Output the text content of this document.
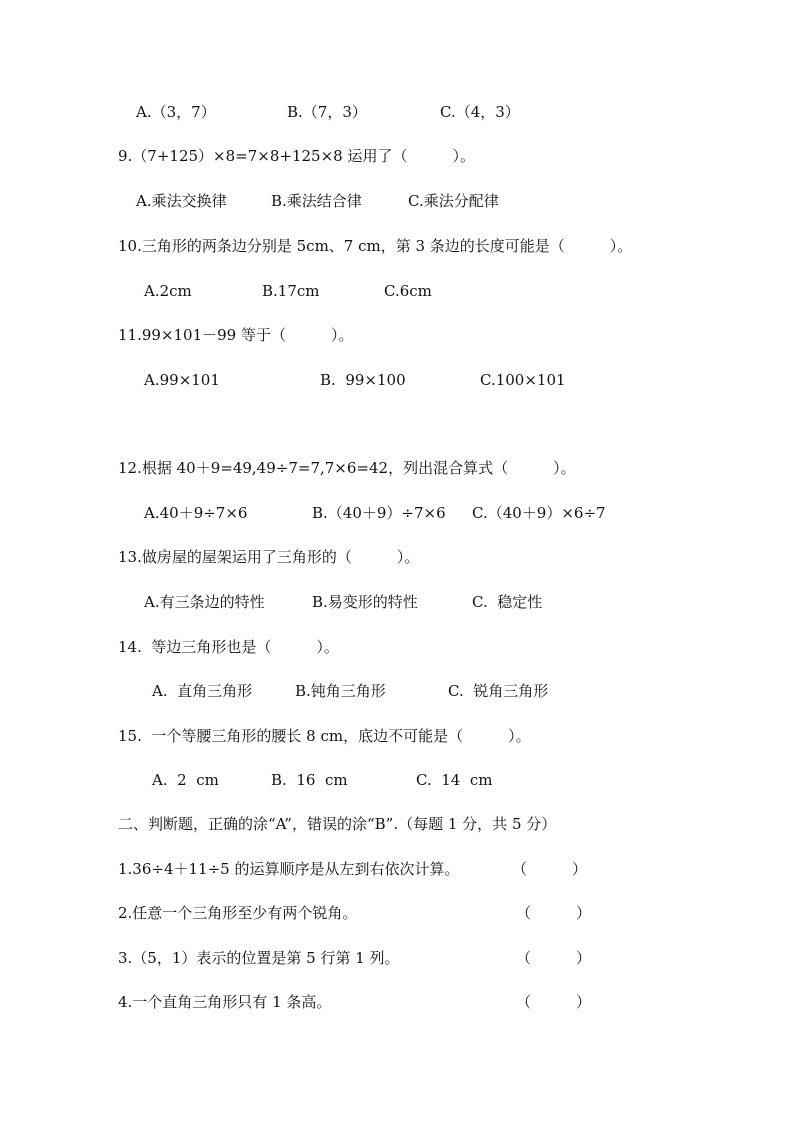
A.（3，7）	B.（7，3）	C.（4，3）
9.（7+125）×8=7×8+125×8 运用了（　　　）。
A.乘法交换律	B.乘法结合律	C.乘法分配律
10.三角形的两条边分别是 5cm、7 cm，第 3 条边的长度可能是（　　　）。
A.2cm	B.17cm	C.6cm
11.99×101－99 等于（　　　）。
A.99×101	B.  99×100	C.100×101
12.根据 40＋9=49,49÷7=7,7×6=42，列出混合算式（　　　）。
A.40＋9÷7×6	B.（40＋9）÷7×6 C.（40＋9）×6÷7
13.做房屋的屋架运用了三角形的（　　　）。
A.有三条边的特性	B.易变形的特性	C.  稳定性
14.  等边三角形也是（　　　）。
A.  直角三角形	B.钝角三角形	C.  锐角三角形
15.  一个等腰三角形的腰长 8 cm，底边不可能是（　　　）。
A.  2  cm	B.  16  cm	C.  14  cm
二、判断题，正确的涂“A”，错误的涂“B”.（每题 1 分，共 5 分）
1.36÷4＋11÷5 的运算顺序是从左到右依次计算。	（　　　）
2.任意一个三角形至少有两个锐角。	（　　　）
3.（5，1）表示的位置是第 5 行第 1 列。	（　　　）
4.一个直角三角形只有 1 条高。	（　　　）
